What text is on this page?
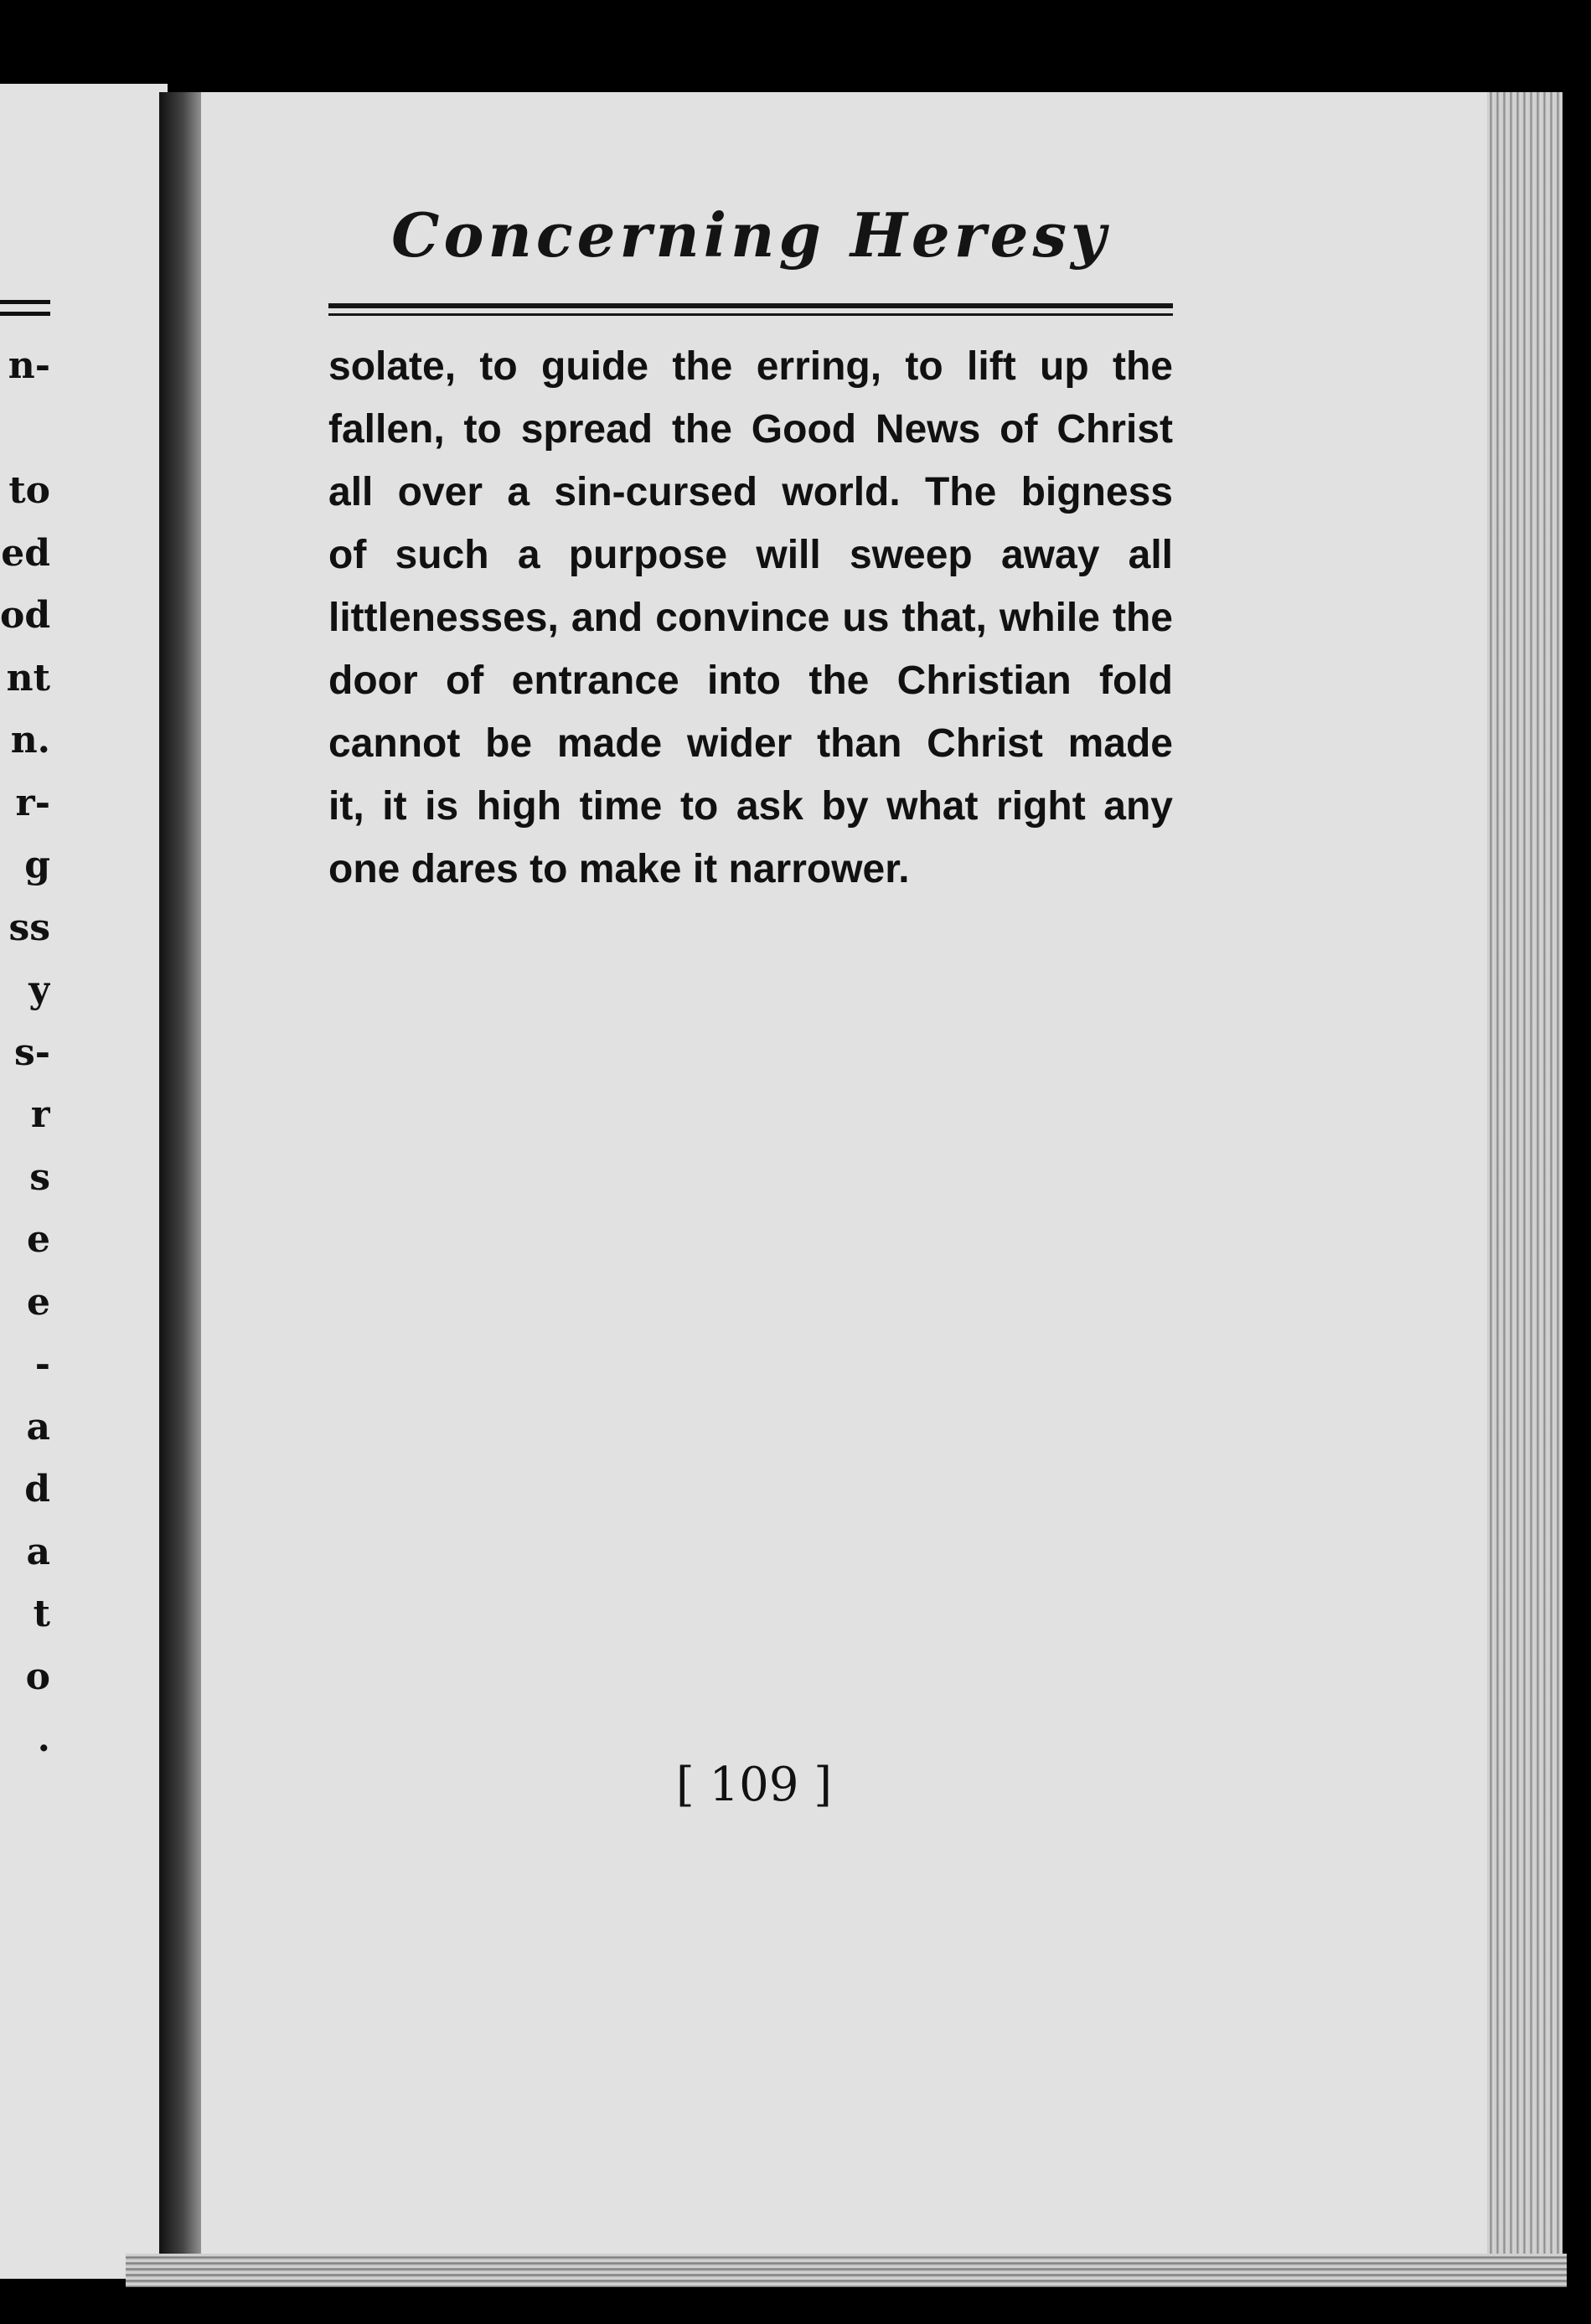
n-
to
ed
od
nt
n.
r-
g
ss
y
s-
r
s
e
e
-
a
d
a
t
o
.
Concerning Heresy
solate, to guide the erring, to lift up the
fallen, to spread the Good News of Christ
all over a sin-cursed world. The bigness
of such a purpose will sweep away all
littlenesses, and convince us that, while the
door of entrance into the Christian fold
cannot be made wider than Christ made
it, it is high time to ask by what right any
one dares to make it narrower.

[ 109 ]
